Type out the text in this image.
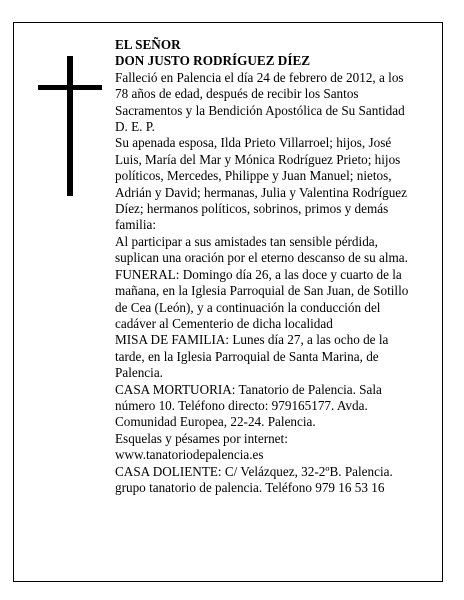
EL SEÑOR

DON JUSTO RODRÍGUEZ DÍEZ

Falleció en Palencia el día 24 de febrero de 2012, a los 78 años de edad, después de recibir los Santos Sacramentos y la Bendición Apostólica de Su Santidad

D. E. P.

Su apenada esposa, Ilda Prieto Villarroel; hijos, José Luis, María del Mar y Mónica Rodríguez Prieto; hijos políticos, Mercedes, Philippe y Juan Manuel; nietos, Adrián y David; hermanas, Julia y Valentina Rodríguez Díez; hermanos políticos, sobrinos, primos y demás familia:

Al participar a sus amistades tan sensible pérdida, suplican una oración por el eterno descanso de su alma.

FUNERAL: Domingo día 26, a las doce y cuarto de la mañana, en la Iglesia Parroquial de San Juan, de Sotillo de Cea (León), y a continuación la conducción del cadáver al Cementerio de dicha localidad

MISA DE FAMILIA: Lunes día 27, a las ocho de la tarde, en la Iglesia Parroquial de Santa Marina, de Palencia.

CASA MORTUORIA: Tanatorio de Palencia. Sala número 10. Teléfono directo: 979165177. Avda. Comunidad Europea, 22-24. Palencia.

Esquelas y pésames por internet:

www.tanatoriodepalencia.es

CASA DOLIENTE: C/ Velázquez, 32-2ºB. Palencia.

grupo tanatorio de palencia. Teléfono 979 16 53 16
